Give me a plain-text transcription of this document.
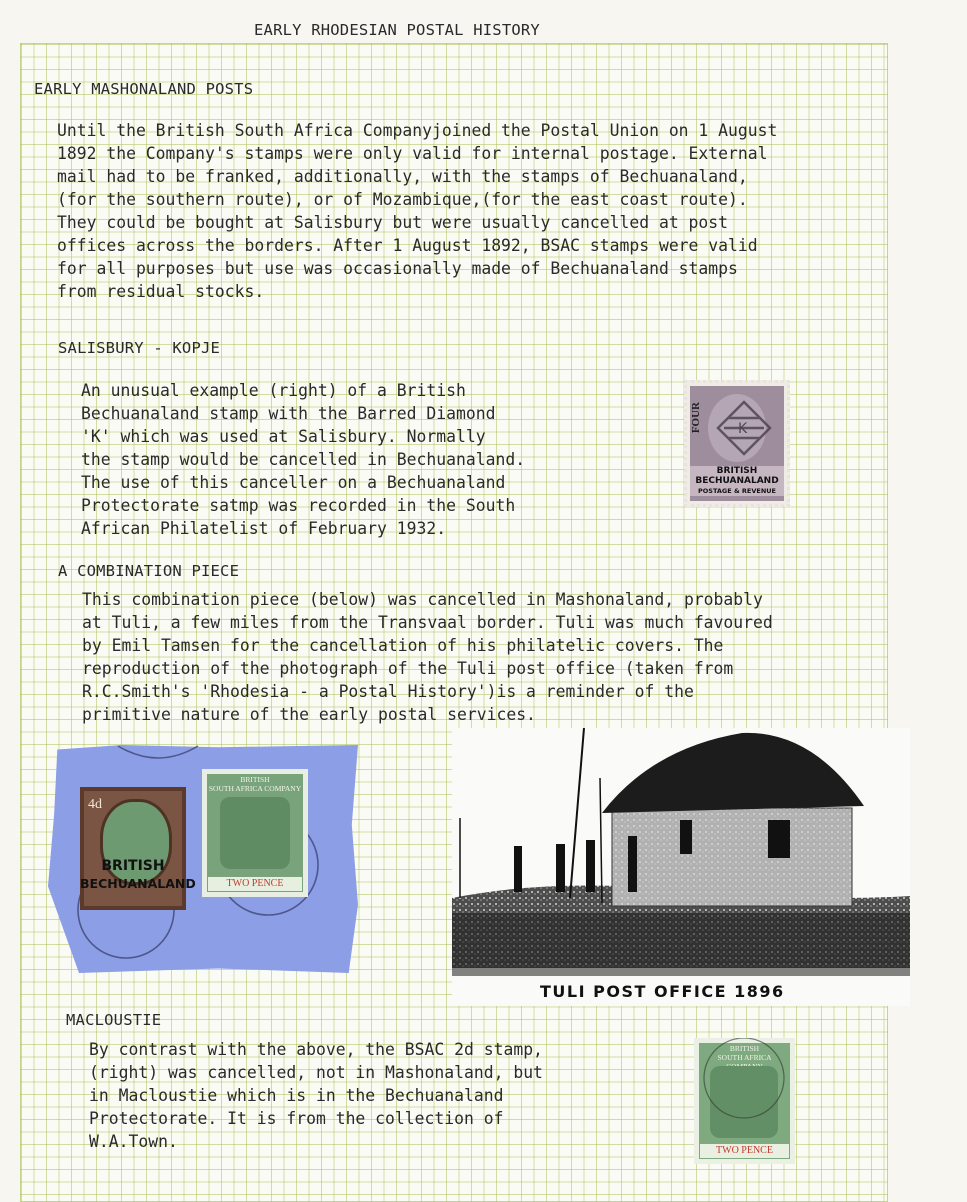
EARLY RHODESIAN POSTAL HISTORY
EARLY MASHONALAND POSTS
Until the British South Africa Companyjoined the Postal Union on 1 August
1892 the Company's stamps were only valid for internal postage. External
mail had to be franked, additionally, with the stamps of Bechuanaland,
(for the southern route), or of Mozambique,(for the east coast route).
They could be bought at Salisbury but were usually cancelled at post
offices across the borders. After 1 August 1892, BSAC stamps were valid
for all purposes but use was occasionally made of Bechuanaland stamps
from residual stocks.
SALISBURY - KOPJE
An unusual example (right) of a British
Bechuanaland stamp with the Barred Diamond
'K' which was used at Salisbury. Normally
the stamp would be cancelled in Bechuanaland.
The use of this canceller on a Bechuanaland
Protectorate satmp was recorded in the South
African Philatelist of February 1932.
FOUR	K
BRITISH
BECHUANALAND
POSTAGE & REVENUE
A COMBINATION PIECE
This combination piece (below) was cancelled in Mashonaland, probably
at Tuli, a few miles from the Transvaal border. Tuli was much favoured
by Emil Tamsen for the cancellation of his philatelic covers. The
reproduction of the photograph of the Tuli post office (taken from
R.C.Smith's 'Rhodesia - a Postal History')is a reminder of the
primitive nature of the early postal services.
4d
BRITISH
BECHUANALAND
BRITISH
SOUTH AFRICA COMPANY
TWO PENCE
TULI POST OFFICE 1896
MACLOUSTIE
By contrast with the above, the BSAC 2d stamp,
(right) was cancelled, not in Mashonaland, but
in Macloustie which is in the Bechuanaland
Protectorate. It is from the collection of
W.A.Town.
BRITISH
SOUTH AFRICA
TWO PENCE
